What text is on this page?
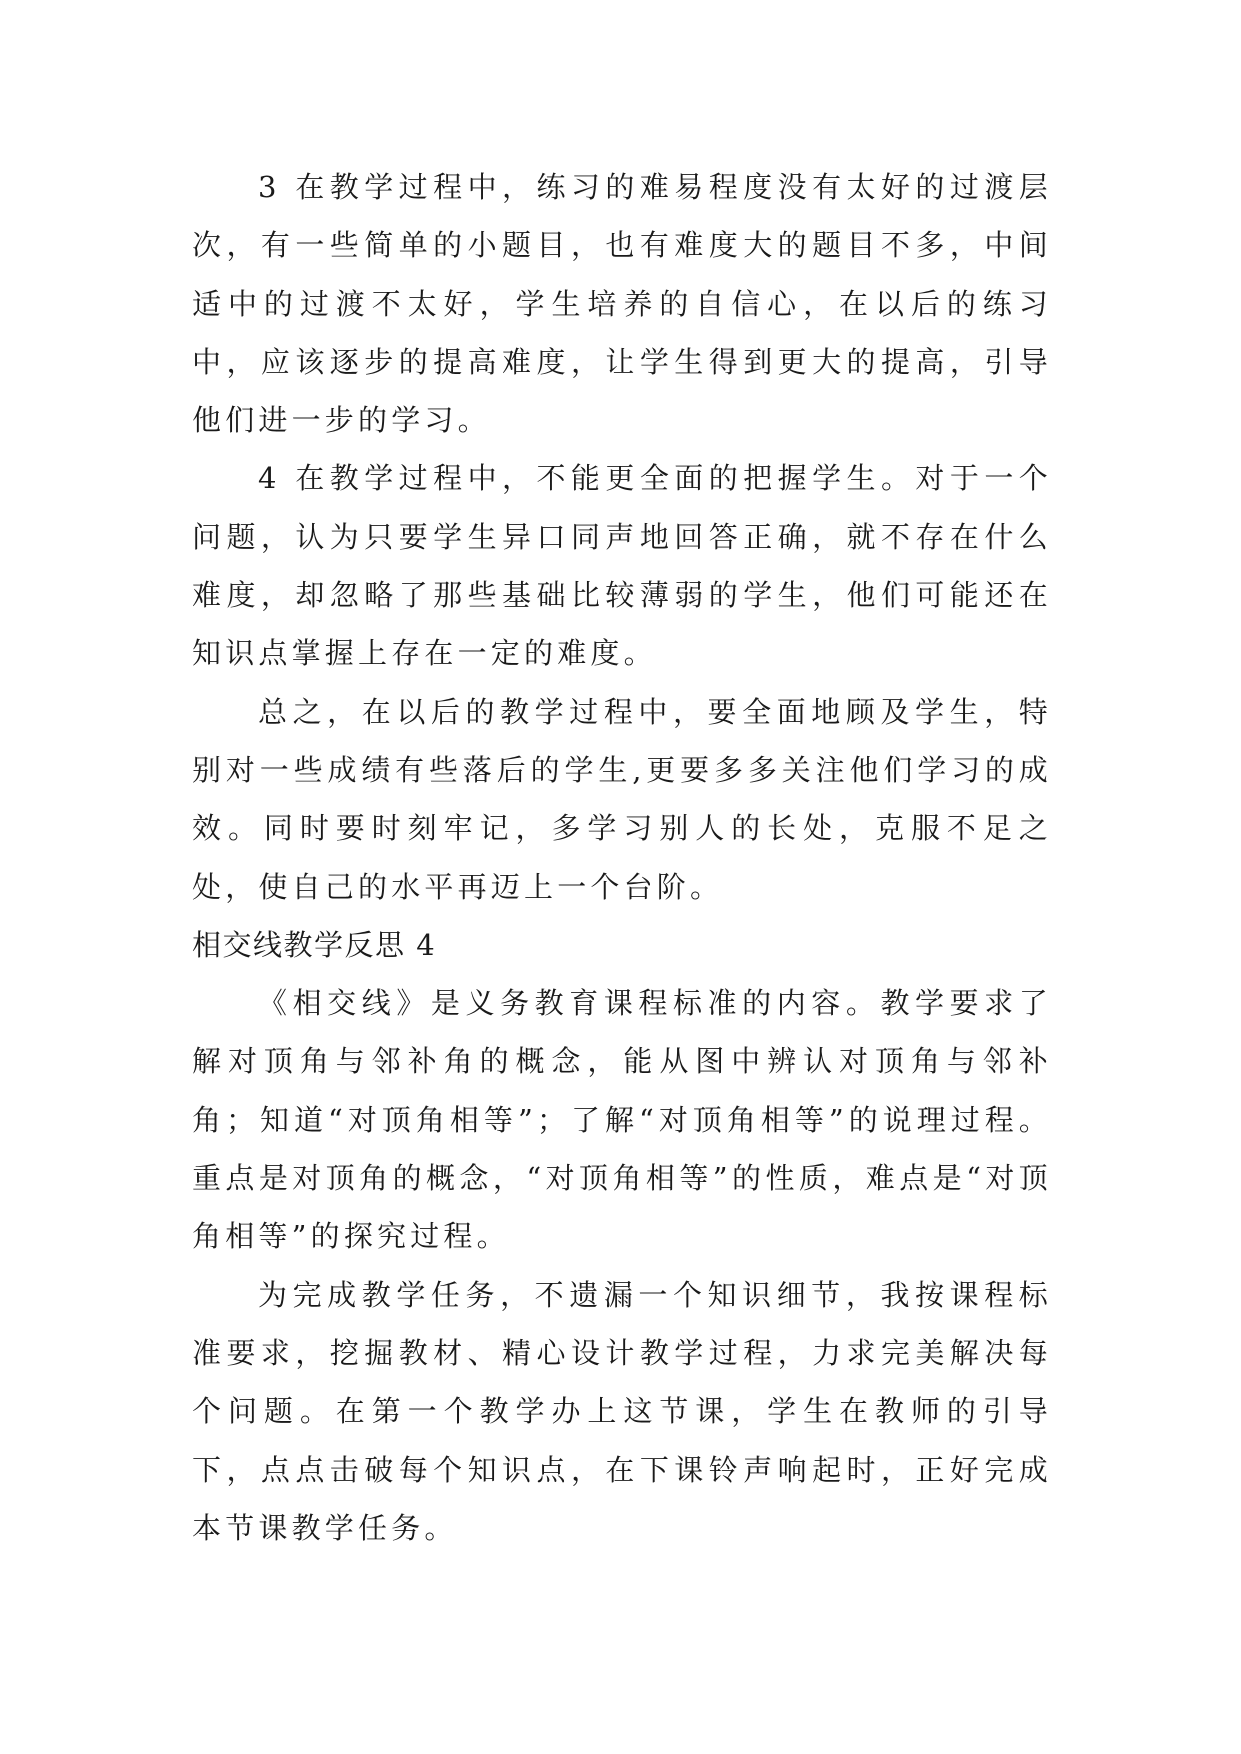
3 在教学过程中，练习的难易程度没有太好的过渡层次，有一些简单的小题目，也有难度大的题目不多，中间适中的过渡不太好，学生培养的自信心，在以后的练习中，应该逐步的提高难度，让学生得到更大的提高，引导他们进一步的学习。

4 在教学过程中，不能更全面的把握学生。对于一个问题，认为只要学生异口同声地回答正确，就不存在什么难度，却忽略了那些基础比较薄弱的学生，他们可能还在知识点掌握上存在一定的难度。

总之，在以后的教学过程中，要全面地顾及学生，特别对一些成绩有些落后的学生,更要多多关注他们学习的成效。同时要时刻牢记，多学习别人的长处，克服不足之处，使自己的水平再迈上一个台阶。

相交线教学反思 4

《相交线》是义务教育课程标准的内容。教学要求了解对顶角与邻补角的概念，能从图中辨认对顶角与邻补角；知道“对顶角相等”；了解“对顶角相等”的说理过程。重点是对顶角的概念，“对顶角相等”的性质，难点是“对顶角相等”的探究过程。

为完成教学任务，不遗漏一个知识细节，我按课程标准要求，挖掘教材、精心设计教学过程，力求完美解决每个问题。在第一个教学办上这节课，学生在教师的引导下，点点击破每个知识点，在下课铃声响起时，正好完成本节课教学任务。
